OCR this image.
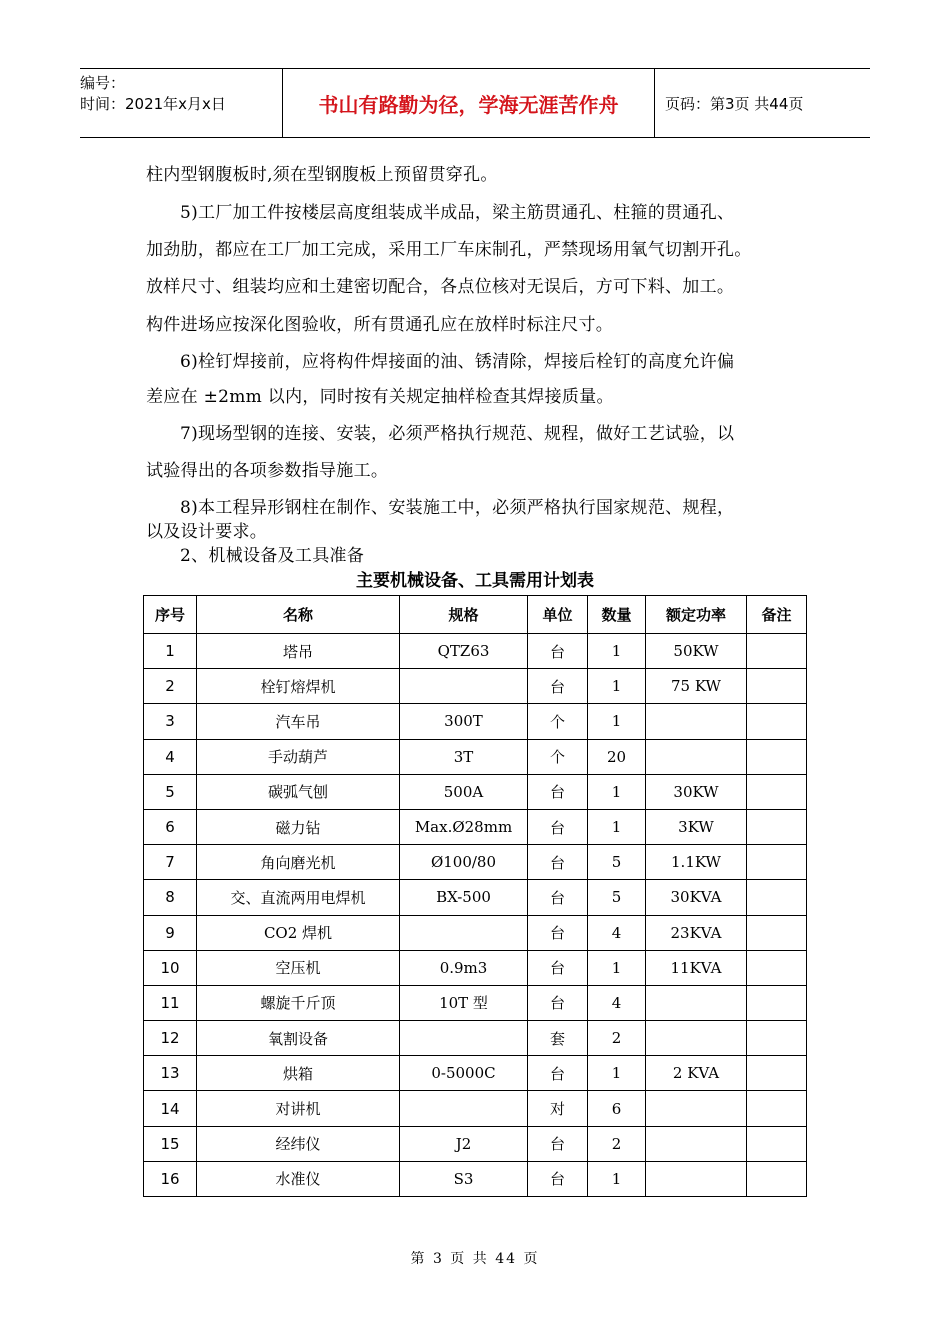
编号：
时间：2021年x月x日	书山有路勤为径，学海无涯苦作舟	页码：第3页 共44页
柱内型钢腹板时,须在型钢腹板上预留贯穿孔。
5)工厂加工件按楼层高度组装成半成品，梁主筋贯通孔、柱箍的贯通孔、
加劲肋，都应在工厂加工完成，采用工厂车床制孔，严禁现场用氧气切割开孔。
放样尺寸、组装均应和土建密切配合，各点位核对无误后，方可下料、加工。
构件进场应按深化图验收，所有贯通孔应在放样时标注尺寸。
6)栓钉焊接前，应将构件焊接面的油、锈清除，焊接后栓钉的高度允许偏
差应在 ±2mm 以内，同时按有关规定抽样检查其焊接质量。
7)现场型钢的连接、安装，必须严格执行规范、规程，做好工艺试验，以
试验得出的各项参数指导施工。
8)本工程异形钢柱在制作、安装施工中，必须严格执行国家规范、规程，
以及设计要求。
2、机械设备及工具准备
主要机械设备、工具需用计划表
序号	名称	规格	单位	数量	额定功率	备注
1	塔吊	QTZ63	台	1	50KW	
2	栓钉熔焊机		台	1	75 KW	
3	汽车吊	300T	个	1		
4	手动葫芦	3T	个	20		
5	碳弧气刨	500A	台	1	30KW	
6	磁力钻	Max.Ø28mm	台	1	3KW	
7	角向磨光机	Ø100/80	台	5	1.1KW	
8	交、直流两用电焊机	BX-500	台	5	30KVA	
9	CO2 焊机		台	4	23KVA	
10	空压机	0.9m3	台	1	11KVA	
11	螺旋千斤顶	10T 型	台	4		
12	氧割设备		套	2		
13	烘箱	0-5000C	台	1	2 KVA	
14	对讲机		对	6		
15	经纬仪	J2	台	2		
16	水准仪	S3	台	1		
第 3 页 共 44 页
